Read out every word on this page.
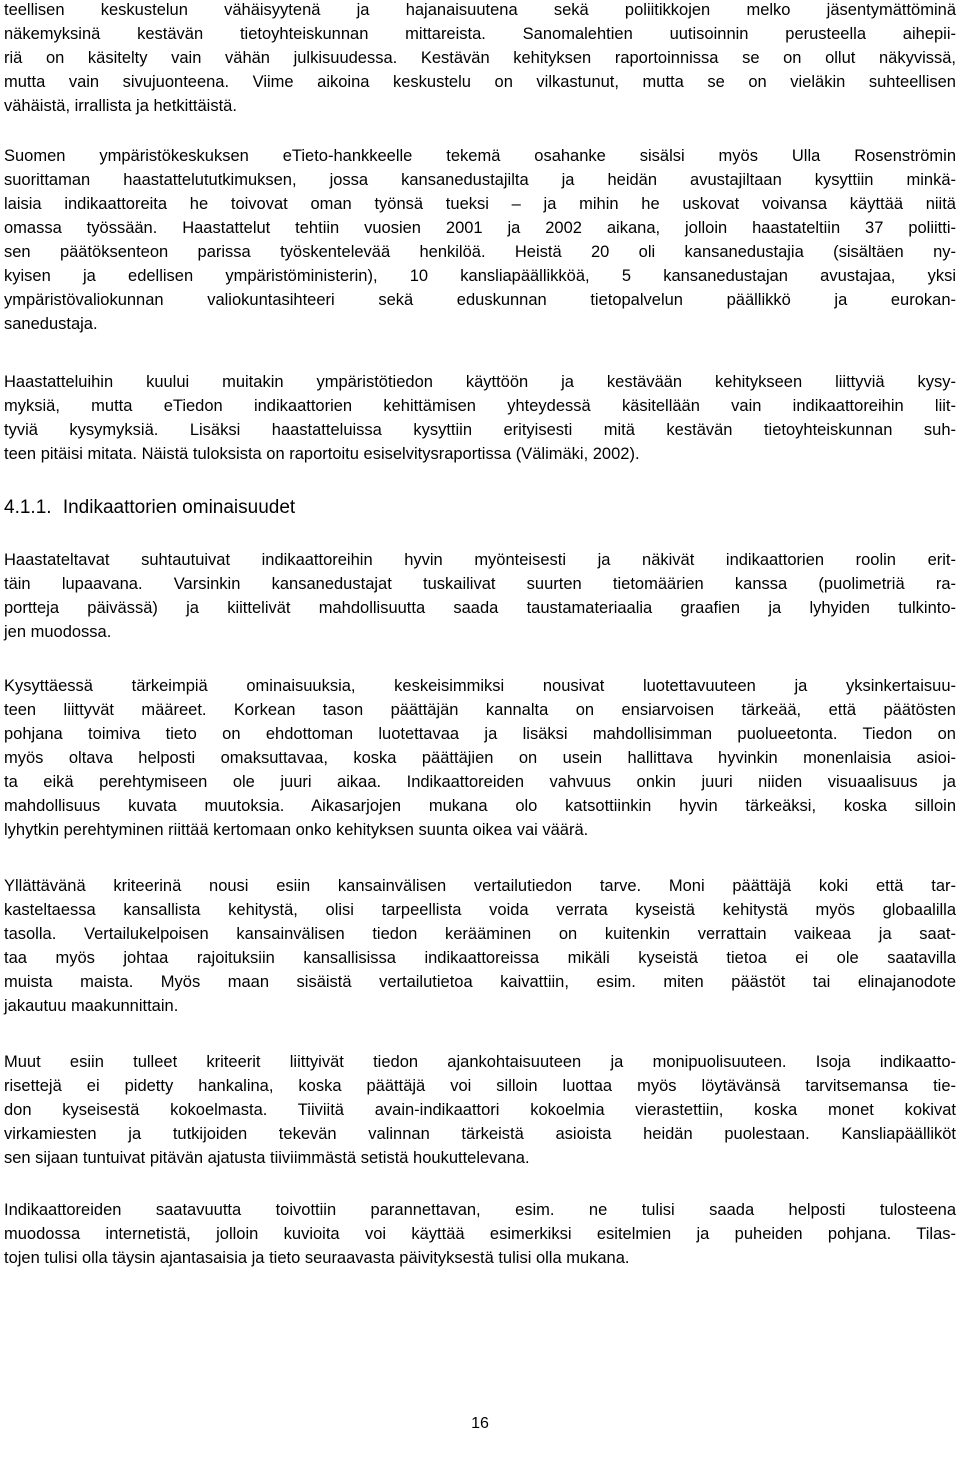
teellisen keskustelun vähäisyytenä ja hajanaisuutena sekä poliitikkojen melko jäsentymättöminä
näkemyksinä kestävän tietoyhteiskunnan mittareista. Sanomalehtien uutisoinnin perusteella aihepii-
riä on käsitelty vain vähän julkisuudessa. Kestävän kehityksen raportoinnissa se on ollut näkyvissä,
mutta vain sivujuonteena. Viime aikoina keskustelu on vilkastunut, mutta se on vieläkin suhteellisen
vähäistä, irrallista ja hetkittäistä.
Suomen ympäristökeskuksen eTieto-hankkeelle tekemä osahanke sisälsi myös Ulla Rosenströmin
suorittaman haastattelututkimuksen, jossa kansanedustajilta ja heidän avustajiltaan kysyttiin minkä-
laisia indikaattoreita he toivovat oman työnsä tueksi – ja mihin he uskovat voivansa käyttää niitä
omassa työssään. Haastattelut tehtiin vuosien 2001 ja 2002 aikana, jolloin haastateltiin 37 poliitti-
sen päätöksenteon parissa työskentelevää henkilöä. Heistä 20 oli kansanedustajia (sisältäen ny-
kyisen ja edellisen ympäristöministerin), 10 kansliapäällikköä, 5 kansanedustajan avustajaa, yksi
ympäristövaliokunnan valiokuntasihteeri sekä eduskunnan tietopalvelun päällikkö ja eurokan-
sanedustaja.
Haastatteluihin kuului muitakin ympäristötiedon käyttöön ja kestävään kehitykseen liittyviä kysy-
myksiä, mutta eTiedon indikaattorien kehittämisen yhteydessä käsitellään vain indikaattoreihin liit-
tyviä kysymyksiä. Lisäksi haastatteluissa kysyttiin erityisesti mitä kestävän tietoyhteiskunnan suh-
teen pitäisi mitata. Näistä tuloksista on raportoitu esiselvitysraportissa (Välimäki, 2002).
4.1.1. Indikaattorien ominaisuudet
Haastateltavat suhtautuivat indikaattoreihin hyvin myönteisesti ja näkivät indikaattorien roolin erit-
täin lupaavana. Varsinkin kansanedustajat tuskailivat suurten tietomäärien kanssa (puolimetriä ra-
portteja päivässä) ja kiittelivät mahdollisuutta saada taustamateriaalia graafien ja lyhyiden tulkinto-
jen muodossa.
Kysyttäessä tärkeimpiä ominaisuuksia, keskeisimmiksi nousivat luotettavuuteen ja yksinkertaisuu-
teen liittyvät määreet. Korkean tason päättäjän kannalta on ensiarvoisen tärkeää, että päätösten
pohjana toimiva tieto on ehdottoman luotettavaa ja lisäksi mahdollisimman puolueetonta. Tiedon on
myös oltava helposti omaksuttavaa, koska päättäjien on usein hallittava hyvinkin monenlaisia asioi-
ta eikä perehtymiseen ole juuri aikaa. Indikaattoreiden vahvuus onkin juuri niiden visuaalisuus ja
mahdollisuus kuvata muutoksia. Aikasarjojen mukana olo katsottiinkin hyvin tärkeäksi, koska silloin
lyhytkin perehtyminen riittää kertomaan onko kehityksen suunta oikea vai väärä.
Yllättävänä kriteerinä nousi esiin kansainvälisen vertailutiedon tarve. Moni päättäjä koki että tar-
kasteltaessa kansallista kehitystä, olisi tarpeellista voida verrata kyseistä kehitystä myös globaalilla
tasolla. Vertailukelpoisen kansainvälisen tiedon kerääminen on kuitenkin verrattain vaikeaa ja saat-
taa myös johtaa rajoituksiin kansallisissa indikaattoreissa mikäli kyseistä tietoa ei ole saatavilla
muista maista. Myös maan sisäistä vertailutietoa kaivattiin, esim. miten päästöt tai elinajanodote
jakautuu maakunnittain.
Muut esiin tulleet kriteerit liittyivät tiedon ajankohtaisuuteen ja monipuolisuuteen. Isoja indikaatto-
risettejä ei pidetty hankalina, koska päättäjä voi silloin luottaa myös löytävänsä tarvitsemansa tie-
don kyseisestä kokoelmasta. Tiiviitä avain-indikaattori kokoelmia vierastettiin, koska monet kokivat
virkamiesten ja tutkijoiden tekevän valinnan tärkeistä asioista heidän puolestaan. Kansliapäälliköt
sen sijaan tuntuivat pitävän ajatusta tiiviimmästä setistä houkuttelevana.
Indikaattoreiden saatavuutta toivottiin parannettavan, esim. ne tulisi saada helposti tulosteena
muodossa internetistä, jolloin kuvioita voi käyttää esimerkiksi esitelmien ja puheiden pohjana. Tilas-
tojen tulisi olla täysin ajantasaisia ja tieto seuraavasta päivityksestä tulisi olla mukana.
16
